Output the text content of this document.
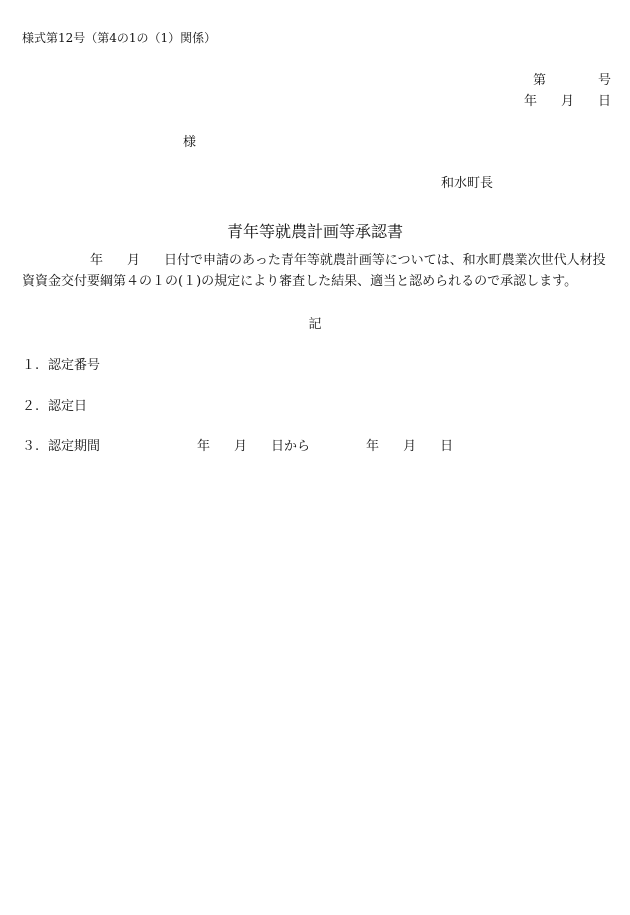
様式第12号（第4の1の（1）関係）
第	号
年 月 日
様
和水町長
青年等就農計画等承認書
年 月 日付で申請のあった青年等就農計画等については、和水町農業次世代人材投資資金交付要綱第４の１の(１)の規定により審査した結果、適当と認められるので承認します。
記
１. 認定番号
２. 認定日
３. 認定期間	年 月 日から	年 月 日
